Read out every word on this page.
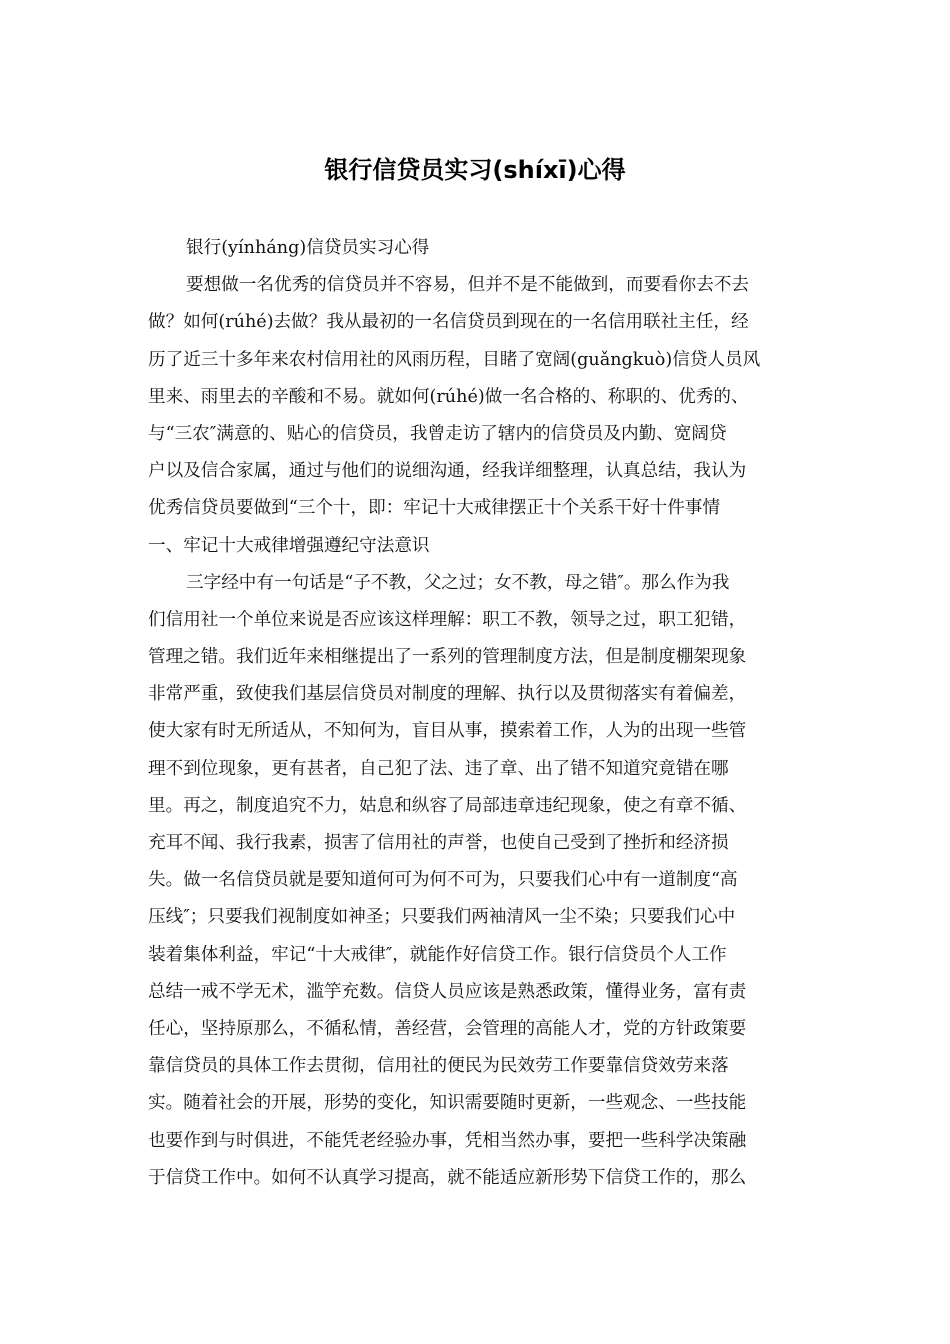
银行信贷员实习(shíxī)心得
银行(yínháng)信贷员实习心得
要想做一名优秀的信贷员并不容易，但并不是不能做到，而要看你去不去
做？如何(rúhé)去做？我从最初的一名信贷员到现在的一名信用联社主任，经
历了近三十多年来农村信用社的风雨历程，目睹了宽阔(guǎngkuò)信贷人员风
里来、雨里去的辛酸和不易。就如何(rúhé)做一名合格的、称职的、优秀的、
与“三农″满意的、贴心的信贷员，我曾走访了辖内的信贷员及内勤、宽阔贷
户以及信合家属，通过与他们的说细沟通，经我详细整理，认真总结，我认为
优秀信贷员要做到“三个十，即：牢记十大戒律摆正十个关系干好十件事情
一、牢记十大戒律增强遵纪守法意识
三字经中有一句话是“子不教，父之过；女不教，母之错″。那么作为我
们信用社一个单位来说是否应该这样理解：职工不教，领导之过，职工犯错，
管理之错。我们近年来相继提出了一系列的管理制度方法，但是制度棚架现象
非常严重，致使我们基层信贷员对制度的理解、执行以及贯彻落实有着偏差，
使大家有时无所适从，不知何为，盲目从事，摸索着工作，人为的出现一些管
理不到位现象，更有甚者，自己犯了法、违了章、出了错不知道究竟错在哪
里。再之，制度追究不力，姑息和纵容了局部违章违纪现象，使之有章不循、
充耳不闻、我行我素，损害了信用社的声誉，也使自己受到了挫折和经济损
失。做一名信贷员就是要知道何可为何不可为，只要我们心中有一道制度“高
压线″；只要我们视制度如神圣；只要我们两袖清风一尘不染；只要我们心中
装着集体利益，牢记“十大戒律″，就能作好信贷工作。银行信贷员个人工作
总结一戒不学无术，滥竽充数。信贷人员应该是熟悉政策，懂得业务，富有责
任心，坚持原那么，不循私情，善经营，会管理的高能人才，党的方针政策要
靠信贷员的具体工作去贯彻，信用社的便民为民效劳工作要靠信贷效劳来落
实。随着社会的开展，形势的变化，知识需要随时更新，一些观念、一些技能
也要作到与时俱进，不能凭老经验办事，凭相当然办事，要把一些科学决策融
于信贷工作中。如何不认真学习提高，就不能适应新形势下信贷工作的，那么
